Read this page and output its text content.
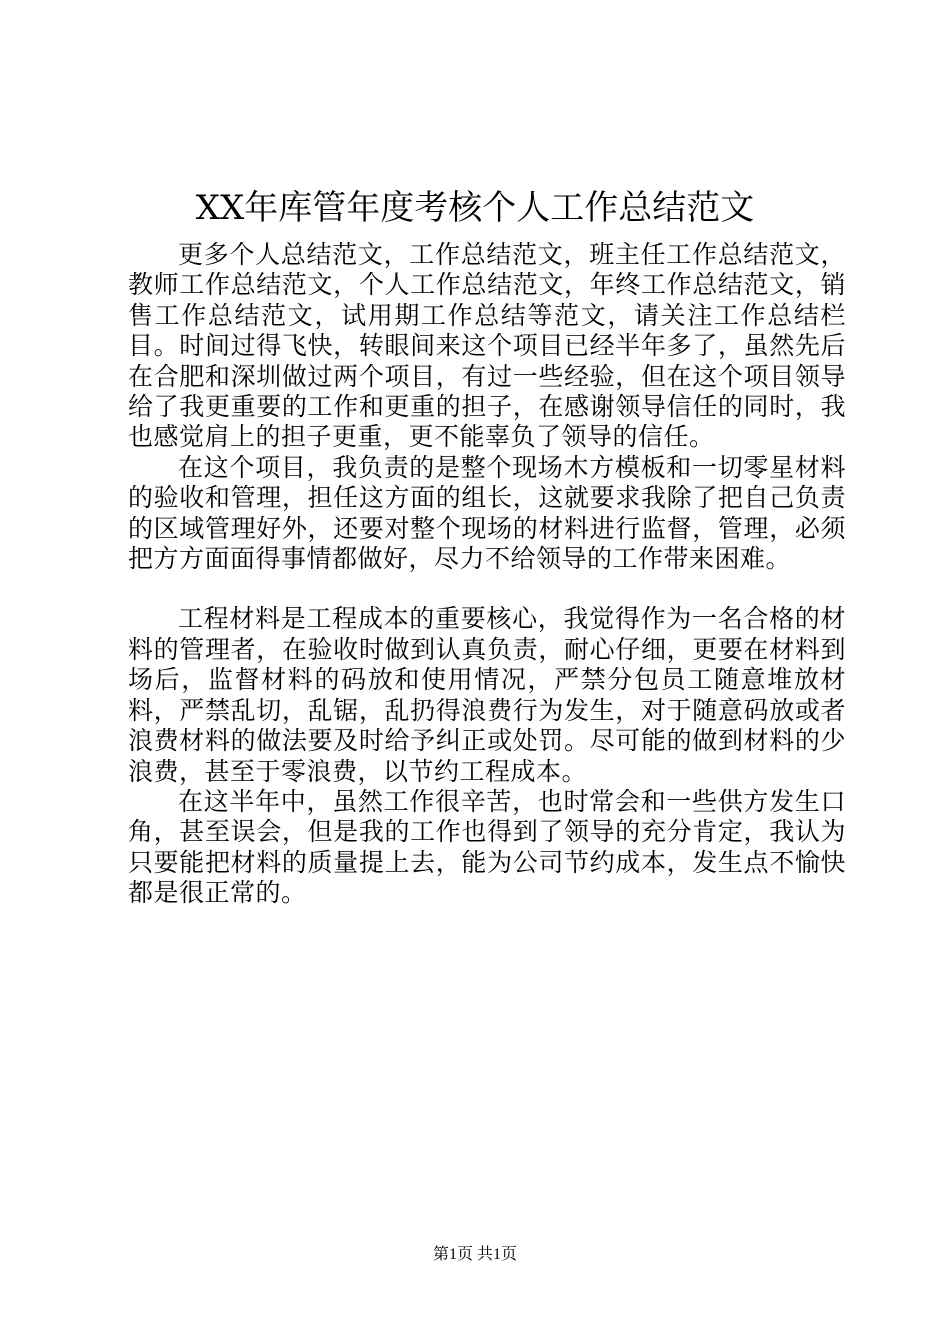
XX年库管年度考核个人工作总结范文

更多个人总结范文，工作总结范文，班主任工作总结范文，教师工作总结范文，个人工作总结范文，年终工作总结范文，销售工作总结范文，试用期工作总结等范文，请关注工作总结栏目。时间过得飞快，转眼间来这个项目已经半年多了，虽然先后在合肥和深圳做过两个项目，有过一些经验，但在这个项目领导给了我更重要的工作和更重的担子，在感谢领导信任的同时，我也感觉肩上的担子更重，更不能辜负了领导的信任。

在这个项目，我负责的是整个现场木方模板和一切零星材料的验收和管理，担任这方面的组长，这就要求我除了把自己负责的区域管理好外，还要对整个现场的材料进行监督，管理，必须把方方面面得事情都做好，尽力不给领导的工作带来困难。

工程材料是工程成本的重要核心，我觉得作为一名合格的材料的管理者，在验收时做到认真负责，耐心仔细，更要在材料到场后，监督材料的码放和使用情况，严禁分包员工随意堆放材料，严禁乱切，乱锯，乱扔得浪费行为发生，对于随意码放或者浪费材料的做法要及时给予纠正或处罚。尽可能的做到材料的少浪费，甚至于零浪费，以节约工程成本。

在这半年中，虽然工作很辛苦，也时常会和一些供方发生口角，甚至误会，但是我的工作也得到了领导的充分肯定，我认为只要能把材料的质量提上去，能为公司节约成本，发生点不愉快都是很正常的。

第1页 共1页
